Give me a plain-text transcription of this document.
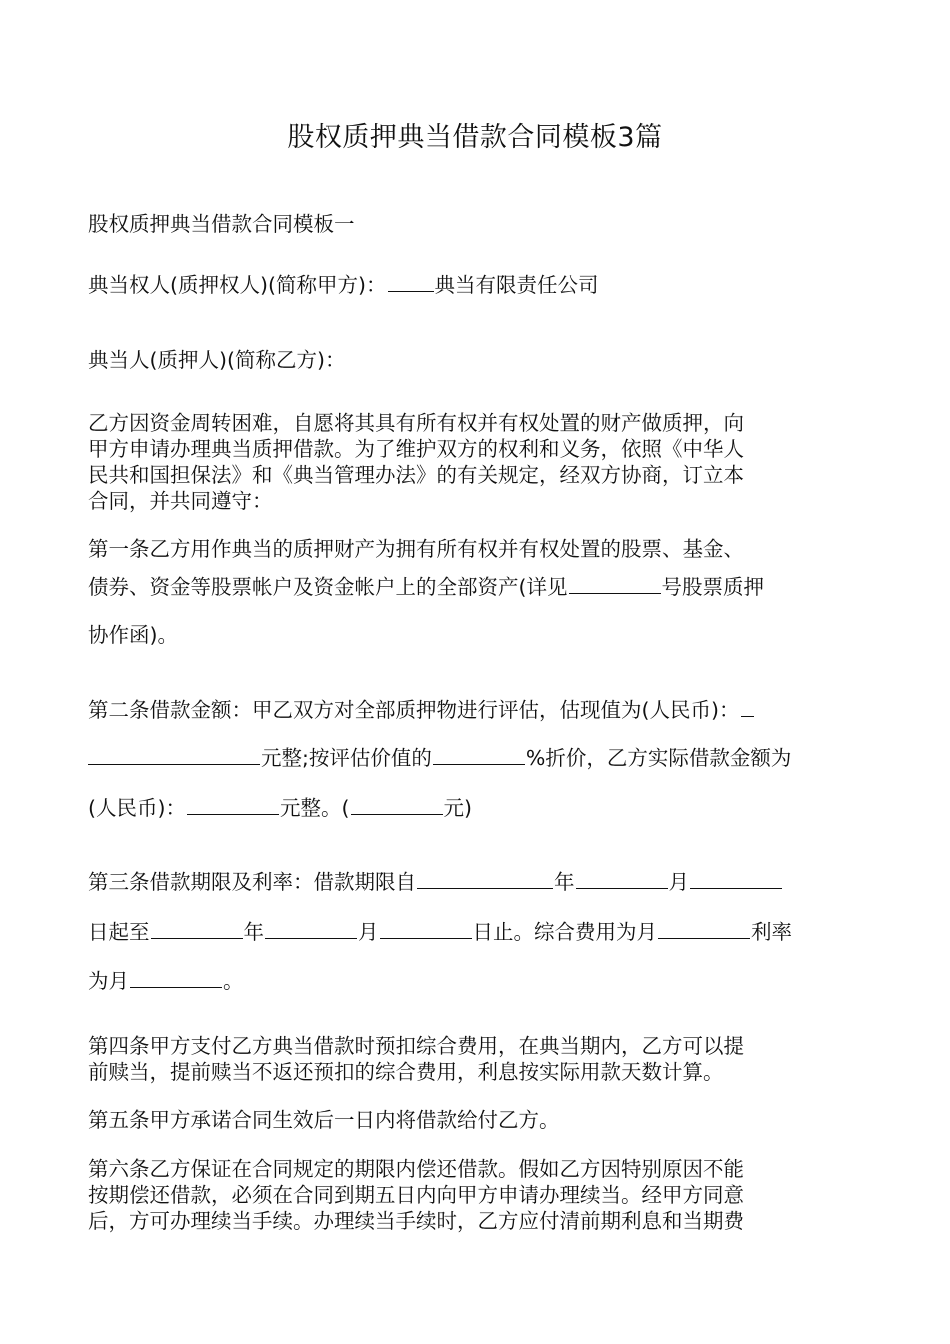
股权质押典当借款合同模板3篇
股权质押典当借款合同模板一
典当权人(质押权人)(简称甲方)： 典当有限责任公司
典当人(质押人)(简称乙方)：
乙方因资金周转困难，自愿将其具有所有权并有权处置的财产做质押，向
甲方申请办理典当质押借款。为了维护双方的权利和义务，依照《中华人
民共和国担保法》和《典当管理办法》的有关规定，经双方协商，订立本
合同，并共同遵守：
第一条乙方用作典当的质押财产为拥有所有权并有权处置的股票、基金、
债券、资金等股票帐户及资金帐户上的全部资产(详见	号股票质押
协作函)。
第二条借款金额：甲乙双方对全部质押物进行评估，估现值为(人民币)：
元整;按评估价值的	%折价，乙方实际借款金额为
(人民币)：	元整。(	元)
第三条借款期限及利率：借款期限自	年	月
日起至	年	月	日止。综合费用为月	利率
为月	。
第四条甲方支付乙方典当借款时预扣综合费用，在典当期内，乙方可以提
前赎当，提前赎当不返还预扣的综合费用，利息按实际用款天数计算。
第五条甲方承诺合同生效后一日内将借款给付乙方。
第六条乙方保证在合同规定的期限内偿还借款。假如乙方因特别原因不能
按期偿还借款，必须在合同到期五日内向甲方申请办理续当。经甲方同意
后，方可办理续当手续。办理续当手续时，乙方应付清前期利息和当期费
